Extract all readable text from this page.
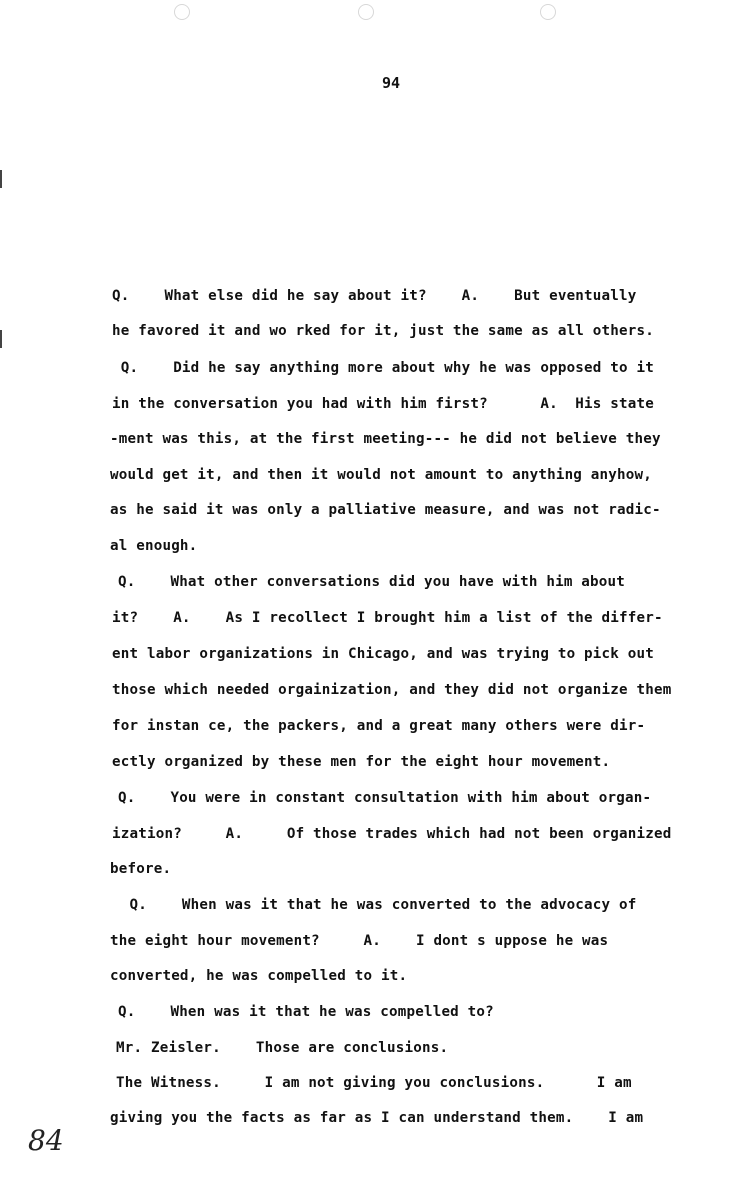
94
Q.    What else did he say about it?    A.    But eventually
he favored it and wo rked for it, just the same as all others.
Q.    Did he say anything more about why he was opposed to it
in the conversation you had with him first?      A.  His state
-ment was this, at the first meeting--- he did not believe they
would get it, and then it would not amount to anything anyhow,
as he said it was only a palliative measure, and was not radic-
al enough.
Q.    What other conversations did you have with him about
it?    A.    As I recollect I brought him a list of the differ-
ent labor organizations in Chicago, and was trying to pick out
those which needed orgainization, and they did not organize them
for instan ce, the packers, and a great many others were dir-
ectly organized by these men for the eight hour movement.
Q.    You were in constant consultation with him about organ-
ization?     A.     Of those trades which had not been organized
before.
Q.    When was it that he was converted to the advocacy of
the eight hour movement?     A.    I dont s uppose he was
converted, he was compelled to it.
Q.    When was it that he was compelled to?
Mr. Zeisler.    Those are conclusions.
The Witness.     I am not giving you conclusions.      I am
giving you the facts as far as I can understand them.    I am
84
